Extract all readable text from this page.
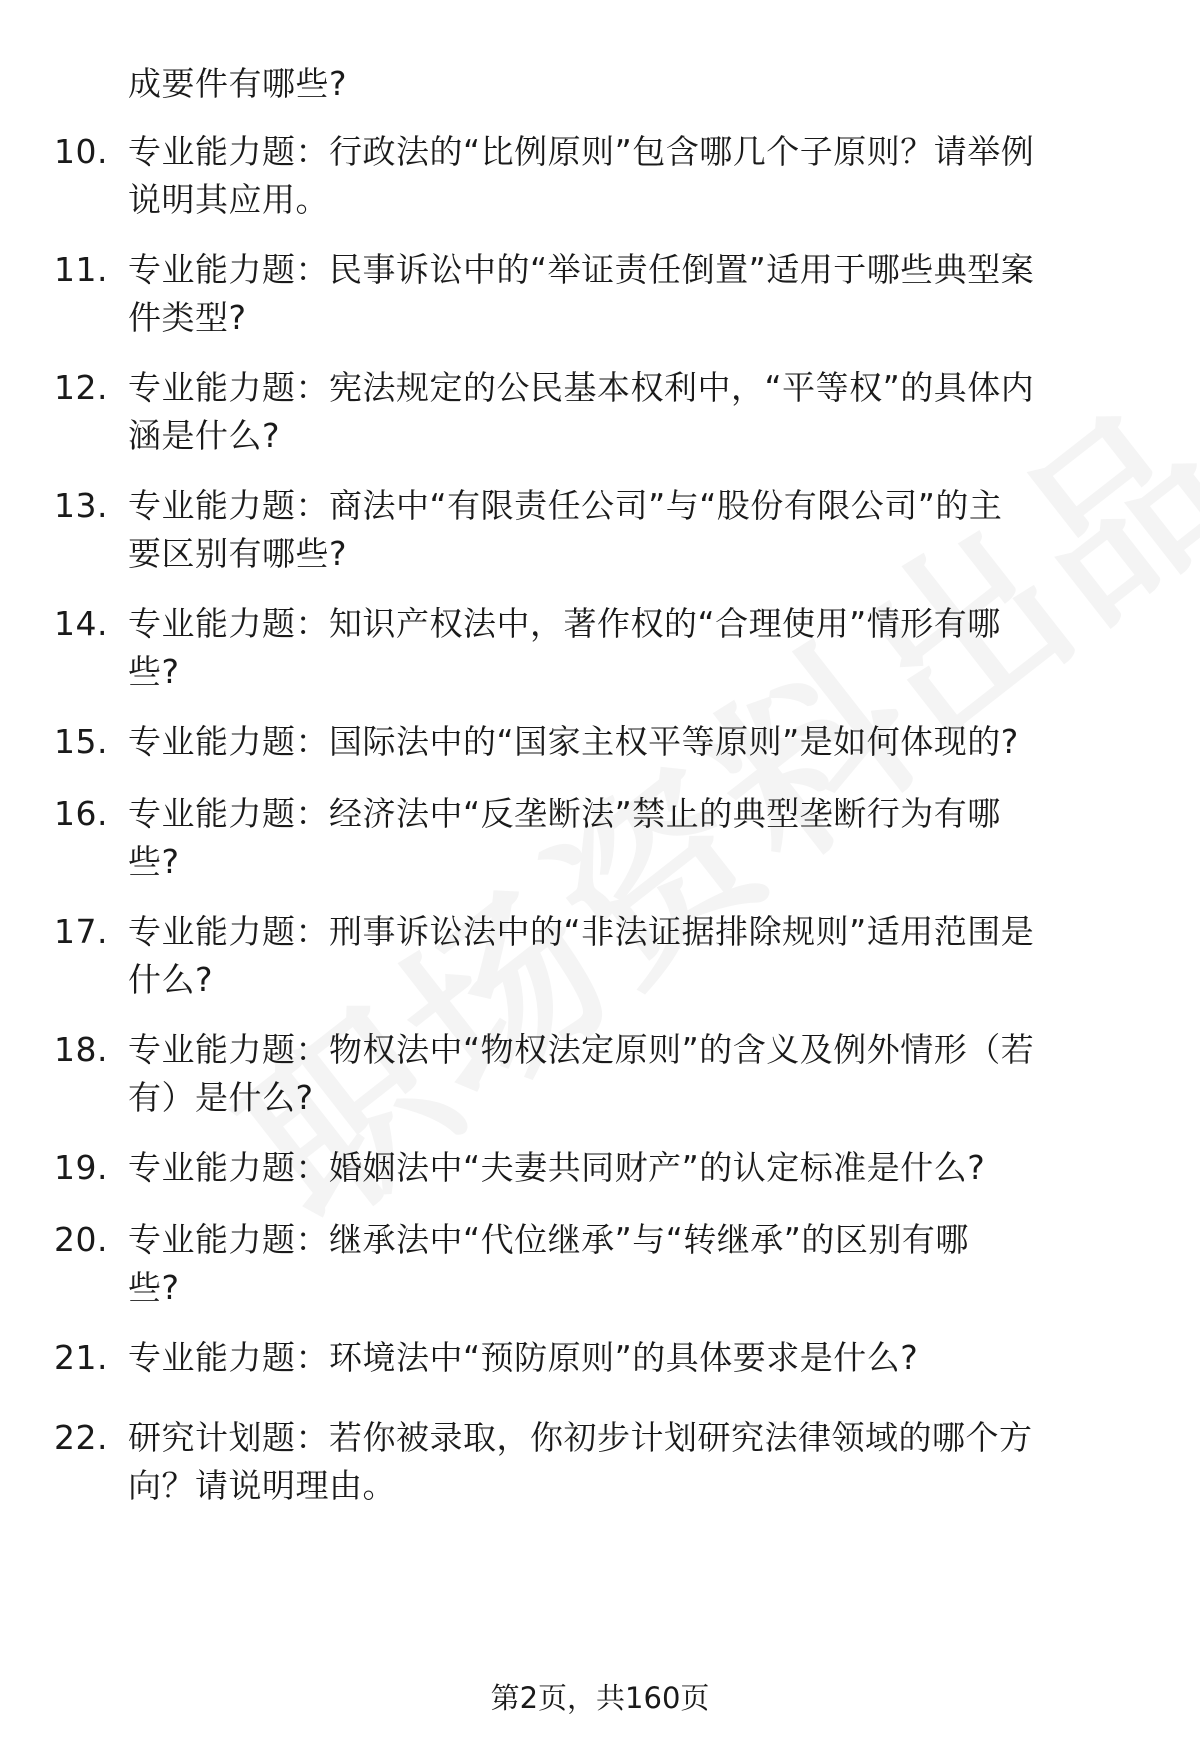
成要件有哪些?
10. 专业能力题：行政法的“比例原则”包含哪几个子原则？请举例
说明其应用。
11. 专业能力题：民事诉讼中的“举证责任倒置”适用于哪些典型案
件类型?
12. 专业能力题：宪法规定的公民基本权利中，“平等权”的具体内
涵是什么?
13. 专业能力题：商法中“有限责任公司”与“股份有限公司”的主
要区别有哪些?
14. 专业能力题：知识产权法中，著作权的“合理使用”情形有哪
些?
15. 专业能力题：国际法中的“国家主权平等原则”是如何体现的?
16. 专业能力题：经济法中“反垄断法”禁止的典型垄断行为有哪
些?
17. 专业能力题：刑事诉讼法中的“非法证据排除规则”适用范围是
什么?
18. 专业能力题：物权法中“物权法定原则”的含义及例外情形（若
有）是什么?
19. 专业能力题：婚姻法中“夫妻共同财产”的认定标准是什么?
20. 专业能力题：继承法中“代位继承”与“转继承”的区别有哪
些?
21. 专业能力题：环境法中“预防原则”的具体要求是什么?
22. 研究计划题：若你被录取，你初步计划研究法律领域的哪个方
向？请说明理由。
第2页，共160页
